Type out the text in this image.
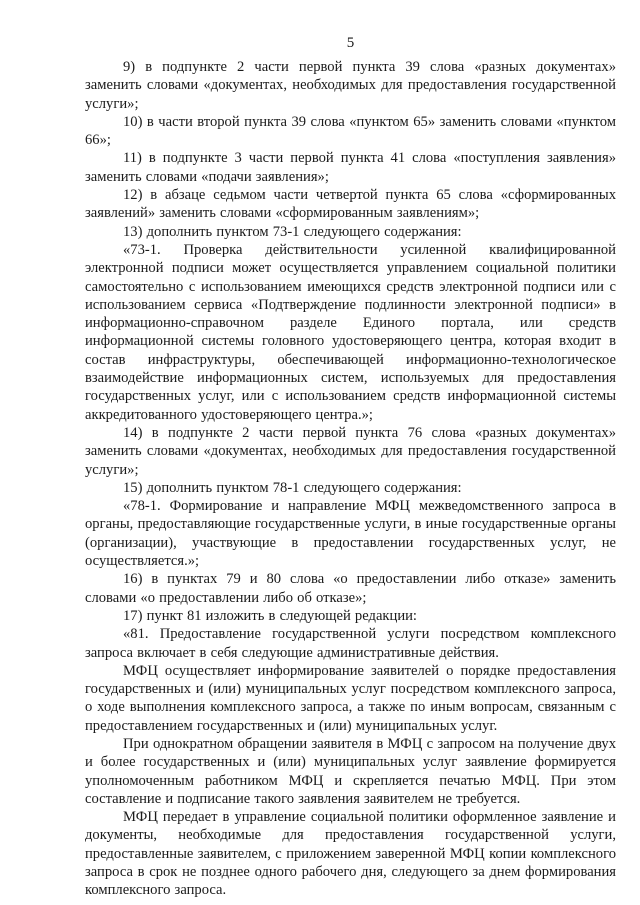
5

9) в подпункте 2 части первой пункта 39 слова «разных документах» заменить словами «документах, необходимых для предоставления государственной услуги»;

10) в части второй пункта 39 слова «пунктом 65» заменить словами «пунктом 66»;

11) в подпункте 3 части первой пункта 41 слова «поступления заявления» заменить словами «подачи заявления»;

12) в абзаце седьмом части четвертой пункта 65 слова «сформированных заявлений» заменить словами «сформированным заявлениям»;

13) дополнить пунктом 73-1 следующего содержания:

«73-1. Проверка действительности усиленной квалифицированной электронной подписи может осуществляется управлением социальной политики самостоятельно с использованием имеющихся средств электронной подписи или с использованием сервиса «Подтверждение подлинности электронной подписи» в информационно-справочном разделе Единого портала, или средств информационной системы головного удостоверяющего центра, которая входит в состав инфраструктуры, обеспечивающей информационно-технологическое взаимодействие информационных систем, используемых для предоставления государственных услуг, или с использованием средств информационной системы аккредитованного удостоверяющего центра.»;

14) в подпункте 2 части первой пункта 76 слова «разных документах» заменить словами «документах, необходимых для предоставления государственной услуги»;

15) дополнить пунктом 78-1 следующего содержания:

«78-1. Формирование и направление МФЦ межведомственного запроса в органы, предоставляющие государственные услуги, в иные государственные органы (организации), участвующие в предоставлении государственных услуг, не осуществляется.»;

16) в пунктах 79 и 80 слова «о предоставлении либо отказе» заменить словами «о предоставлении либо об отказе»;

17) пункт 81 изложить в следующей редакции:

«81. Предоставление государственной услуги посредством комплексного запроса включает в себя следующие административные действия.

МФЦ осуществляет информирование заявителей о порядке предоставления государственных и (или) муниципальных услуг посредством комплексного запроса, о ходе выполнения комплексного запроса, а также по иным вопросам, связанным с предоставлением государственных и (или) муниципальных услуг.

При однократном обращении заявителя в МФЦ с запросом на получение двух и более государственных и (или) муниципальных услуг заявление формируется уполномоченным работником МФЦ и скрепляется печатью МФЦ. При этом составление и подписание такого заявления заявителем не требуется.

МФЦ передает в управление социальной политики оформленное заявление и документы, необходимые для предоставления государственной услуги, предоставленные заявителем, с приложением заверенной МФЦ копии комплексного запроса в срок не позднее одного рабочего дня, следующего за днем формирования комплексного запроса.
